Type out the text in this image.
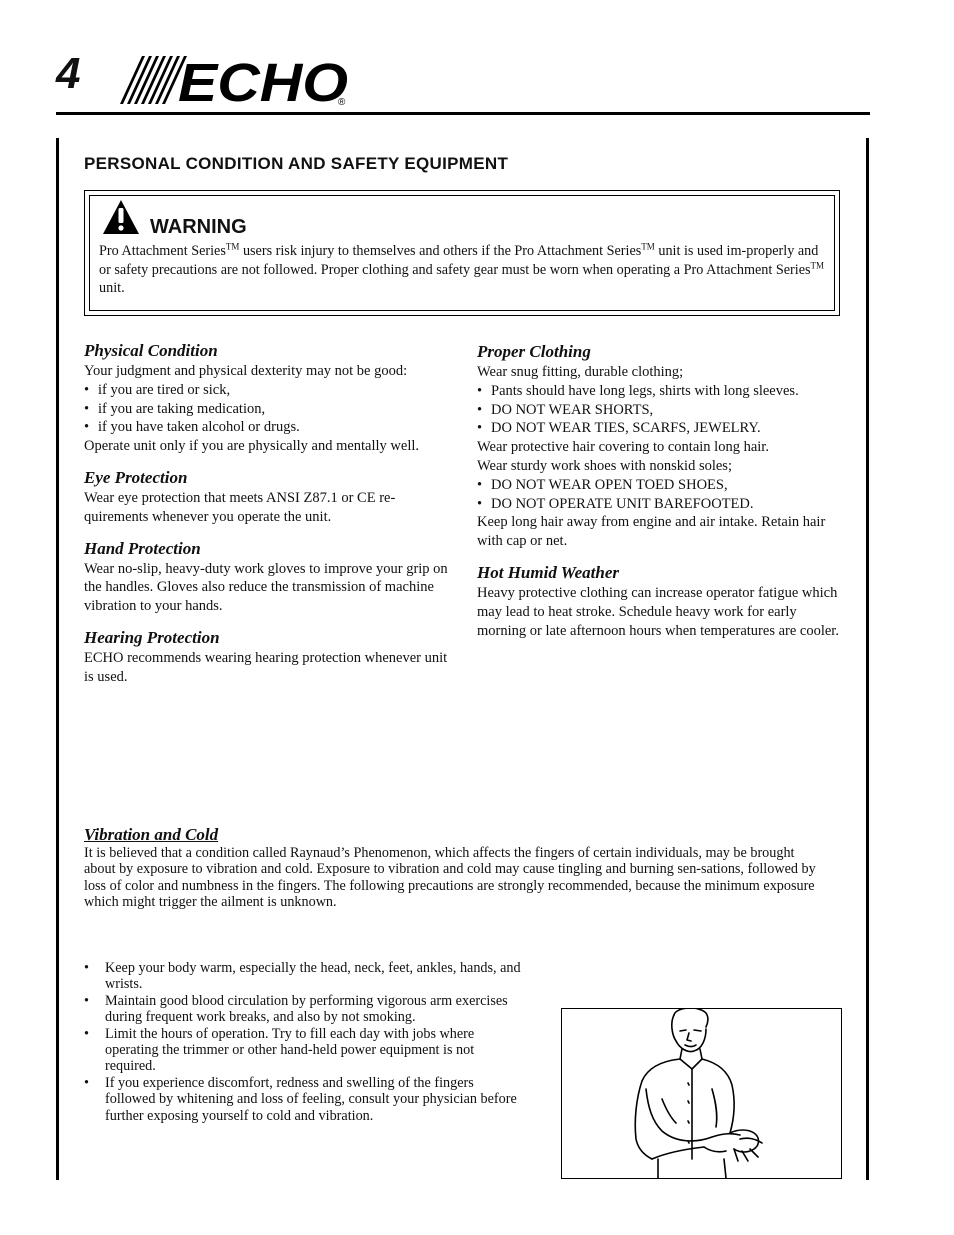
4 ECHO
®
PERSONAL CONDITION AND SAFETY EQUIPMENT
WARNING
Pro Attachment Series™ users risk injury to themselves and others if the Pro Attachment Series™ unit is used im-properly and or safety precautions are not followed. Proper clothing and safety gear must be worn when operating a Pro Attachment Series™ unit.
Physical Condition
Your judgment and physical dexterity may not be good:
• if you are tired or sick,
• if you are taking medication,
• if you have taken alcohol or drugs.
Operate unit only if you are physically and mentally well.
Eye Protection
Wear eye protection that meets ANSI Z87.1 or CE re-quirements whenever you operate the unit.
Hand Protection
Wear no-slip, heavy-duty work gloves to improve your grip on the handles. Gloves also reduce the transmission of machine vibration to your hands.
Hearing Protection
ECHO recommends wearing hearing protection whenever unit is used.
Proper Clothing
Wear snug fitting, durable clothing;
• Pants should have long legs, shirts with long sleeves.
• DO NOT WEAR SHORTS,
• DO NOT WEAR TIES, SCARFS, JEWELRY.
Wear protective hair covering to contain long hair.
Wear sturdy work shoes with nonskid soles;
• DO NOT WEAR OPEN TOED SHOES,
• DO NOT OPERATE UNIT BAREFOOTED.
Keep long hair away from engine and air intake. Retain hair with cap or net.
Hot Humid Weather
Heavy protective clothing can increase operator fatigue which may lead to heat stroke. Schedule heavy work for early morning or late afternoon hours when temperatures are cooler.
Vibration and Cold
It is believed that a condition called Raynaud’s Phenomenon, which affects the fingers of certain individuals, may be brought about by exposure to vibration and cold. Exposure to vibration and cold may cause tingling and burning sen-sations, followed by loss of color and numbness in the fingers. The following precautions are strongly recommended, because the minimum exposure which might trigger the ailment is unknown.
• Keep your body warm, especially the head, neck, feet, ankles, hands, and wrists.
• Maintain good blood circulation by performing vigorous arm exercises during frequent work breaks, and also by not smoking.
• Limit the hours of operation. Try to fill each day with jobs where operating the trimmer or other hand-held power equipment is not required.
• If you experience discomfort, redness and swelling of the fingers followed by whitening and loss of feeling, consult your physician before further exposing yourself to cold and vibration.
